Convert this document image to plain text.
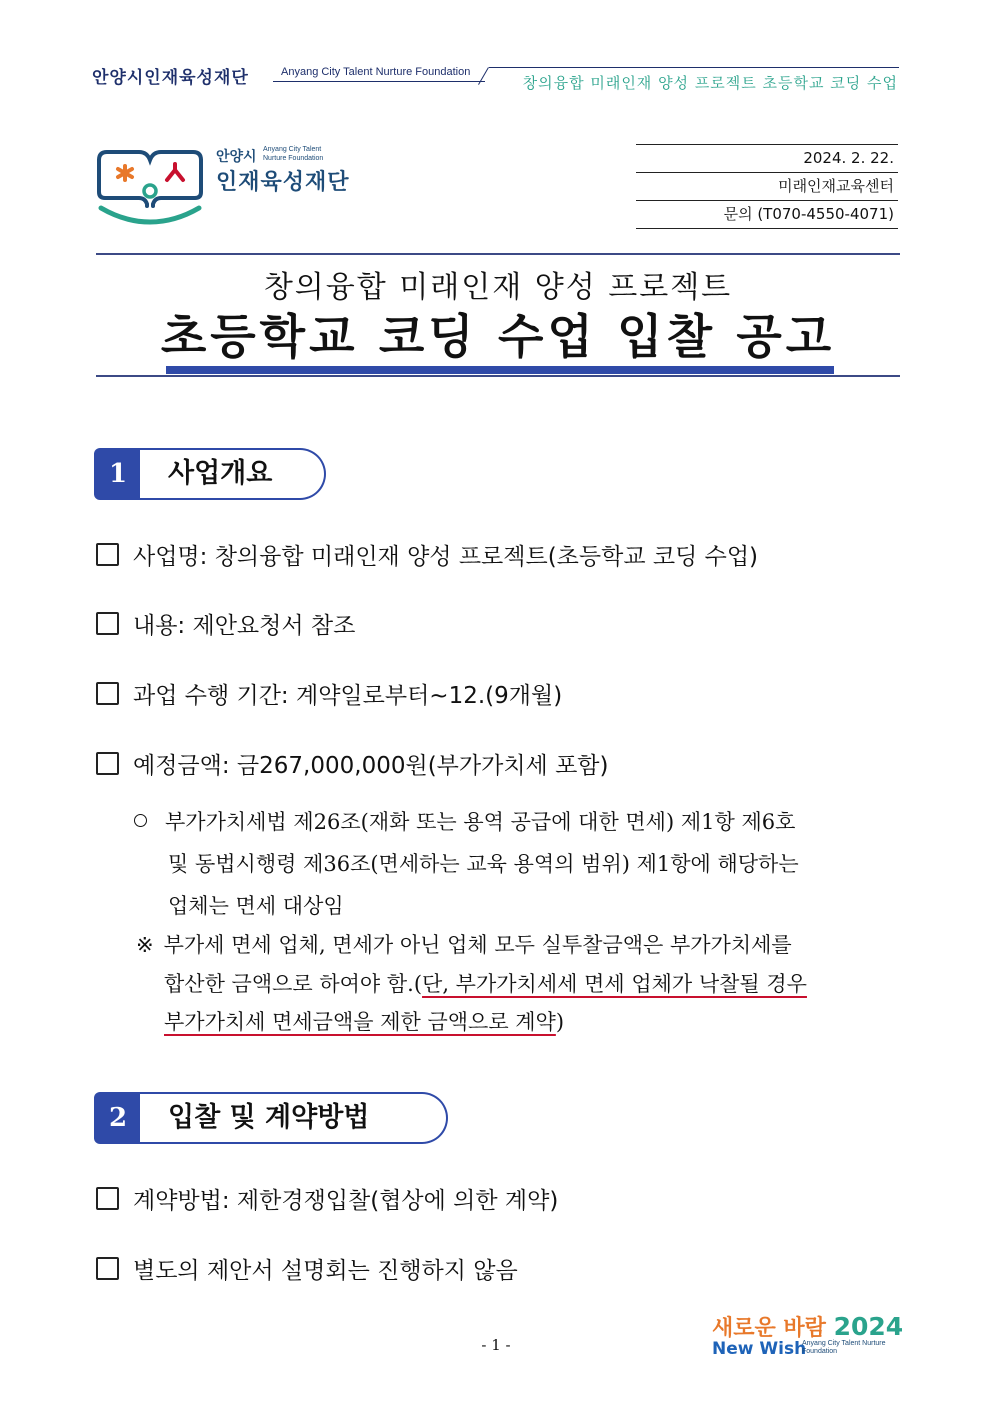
안양시인재육성재단	Anyang City Talent Nurture Foundation
창의융합 미래인재 양성 프로젝트 초등학교 코딩 수업
안양시 Anyang City Talent Nurture Foundation
인재육성재단
2024. 2. 22.
미래인재교육센터
문의 (T070-4550-4071)
창의융합 미래인재 양성 프로젝트
초등학교 코딩 수업 입찰 공고
1	사업개요
사업명: 창의융합 미래인재 양성 프로젝트(초등학교 코딩 수업)
내용: 제안요청서 참조
과업 수행 기간: 계약일로부터~12.(9개월)
예정금액: 금267,000,000원(부가가치세 포함)
부가가치세법 제26조(재화 또는 용역 공급에 대한 면세) 제1항 제6호
및 동법시행령 제36조(면세하는 교육 용역의 범위) 제1항에 해당하는
업체는 면세 대상임
※ 부가세 면세 업체, 면세가 아닌 업체 모두 실투찰금액은 부가가치세를
합산한 금액으로 하여야 함.(단, 부가가치세세 면세 업체가 낙찰될 경우
부가가치세 면세금액을 제한 금액으로 계약)
2	입찰 및 계약방법
계약방법: 제한경쟁입찰(협상에 의한 계약)
별도의 제안서 설명회는 진행하지 않음
- 1 -
새로운 바람 2024
New Wish
Anyang City Talent Nurture Foundation
